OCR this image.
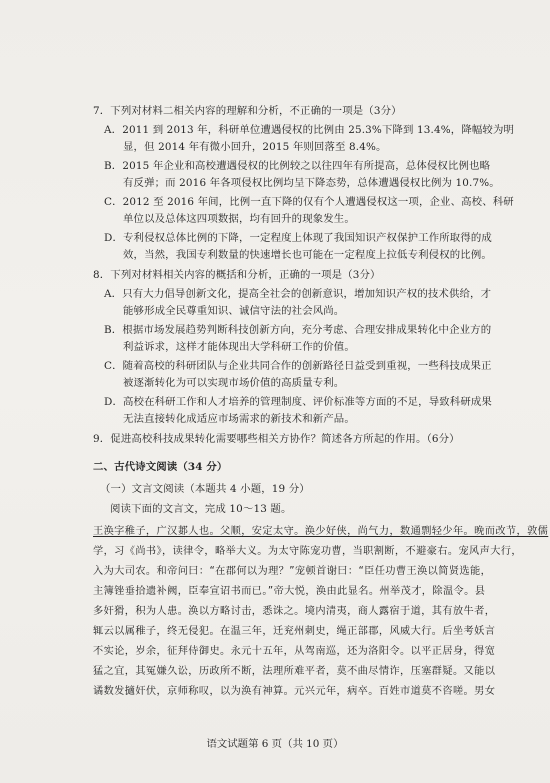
7．下列对材料二相关内容的理解和分析，不正确的一项是（3分）
A．2011 到 2013 年，科研单位遭遇侵权的比例由 25.3%下降到 13.4%，降幅较为明
显，但 2014 年有微小回升，2015 年则回落至 8.4%。
B．2015 年企业和高校遭遇侵权的比例较之以往四年有所提高，总体侵权比例也略
有反弹；而 2016 年各项侵权比例均呈下降态势，总体遭遇侵权比例为 10.7%。
C．2012 至 2016 年间，比例一直下降的仅有个人遭遇侵权这一项，企业、高校、科研
单位以及总体这四项数据，均有回升的现象发生。
D．专利侵权总体比例的下降，一定程度上体现了我国知识产权保护工作所取得的成
效，当然，我国专利数量的快速增长也可能在一定程度上拉低专利侵权的比例。
8．下列对材料相关内容的概括和分析，正确的一项是（3分）
A．只有大力倡导创新文化，提高全社会的创新意识，增加知识产权的技术供给，才
能够形成全民尊重知识、诚信守法的社会风尚。
B．根据市场发展趋势判断科技创新方向，充分考虑、合理安排成果转化中企业方的
利益诉求，这样才能体现出大学科研工作的价值。
C．随着高校的科研团队与企业共同合作的创新路径日益受到重视，一些科技成果正
被逐渐转化为可以实现市场价值的高质量专利。
D．高校在科研工作和人才培养的管理制度、评价标准等方面的不足，导致科研成果
无法直接转化成适应市场需求的新技术和新产品。
9．促进高校科技成果转化需要哪些相关方协作？简述各方所起的作用。（6分）
二、古代诗文阅读（34 分）
（一）文言文阅读（本题共 4 小题，19 分）
阅读下面的文言文，完成 10～13 题。
王涣字稚子，广汉郪人也。父顺，安定太守。涣少好侠，尚气力，数通剽轻少年。晚而改节，敦儒
学，习《尚书》，读律令，略举大义。为太守陈宠功曹，当职割断，不避豪右。宠风声大行，
入为大司农。和帝问曰：“在郡何以为理？”宠顿首谢曰：“臣任功曹王涣以简贤选能，
主簿锉垂拾遗补阙，臣奉宣诏书而已。”帝大悦，涣由此显名。州举茂才，除温令。县
多奸猾，积为人患。涣以方略讨击，悉诛之。境内清夷，商人露宿于道，其有放牛者，
辄云以属稚子，终无侵犯。在温三年，迁兖州刺史，绳正部郡，风威大行。后坐考妖言
不实论，岁余，征拜侍御史。永元十五年，从驾南巡，还为洛阳令。以平正居身，得宽
猛之宜，其冤嫌久讼，历政所不断，法理所难平者，莫不曲尽情诈，压塞群疑。又能以
谲数发擿奸伏，京师称叹，以为涣有神算。元兴元年，病卒。百姓市道莫不咨嗟。男女
语文试题第 6 页（共 10 页）
